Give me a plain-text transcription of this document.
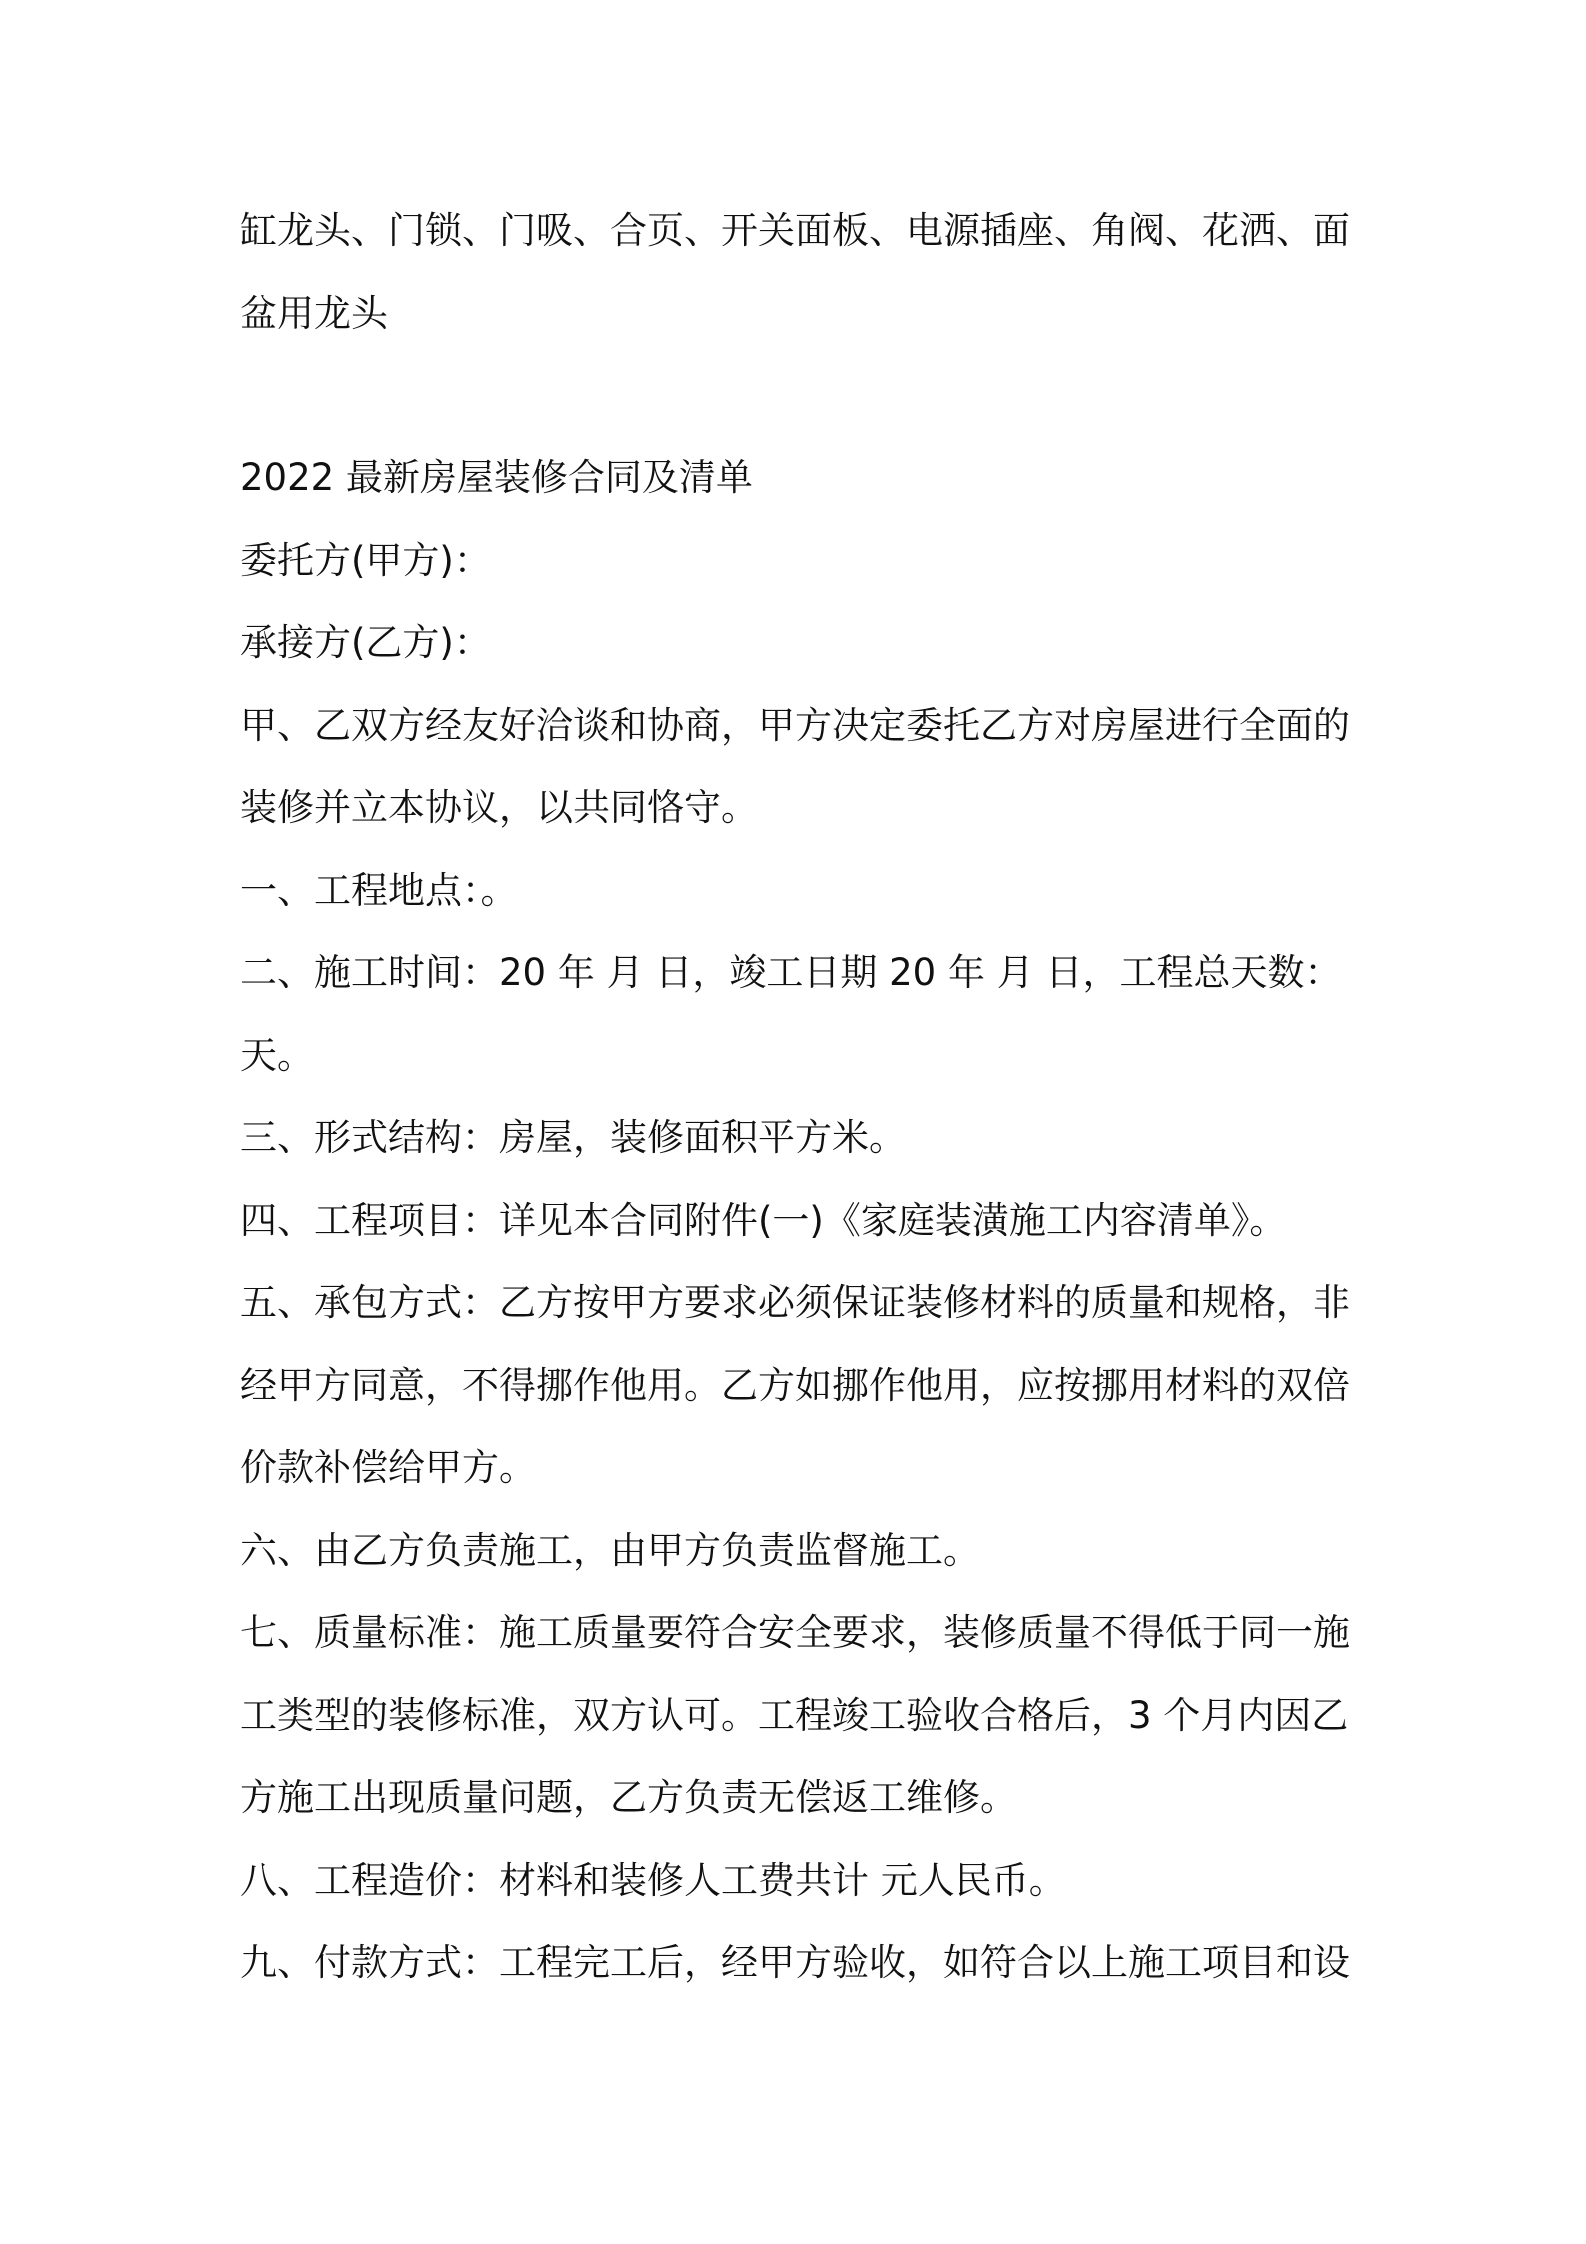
缸龙头、门锁、门吸、合页、开关面板、电源插座、角阀、花洒、面

盆用龙头

2022 最新房屋装修合同及清单

委托方(甲方)：

承接方(乙方)：

甲、乙双方经友好洽谈和协商，甲方决定委托乙方对房屋进行全面的装修并立本协议，以共同恪守。

一、工程地点：。

二、施工时间：20 年 月 日，竣工日期 20 年 月 日，工程总天数：天。

三、形式结构：房屋，装修面积平方米。

四、工程项目：详见本合同附件(一)《家庭装潢施工内容清单》。

五、承包方式：乙方按甲方要求必须保证装修材料的质量和规格，非经甲方同意，不得挪作他用。乙方如挪作他用，应按挪用材料的双倍价款补偿给甲方。

六、由乙方负责施工，由甲方负责监督施工。

七、质量标准：施工质量要符合安全要求，装修质量不得低于同一施工类型的装修标准，双方认可。工程竣工验收合格后，3 个月内因乙方施工出现质量问题，乙方负责无偿返工维修。

八、工程造价：材料和装修人工费共计 元人民币。

九、付款方式：工程完工后，经甲方验收，如符合以上施工项目和设
